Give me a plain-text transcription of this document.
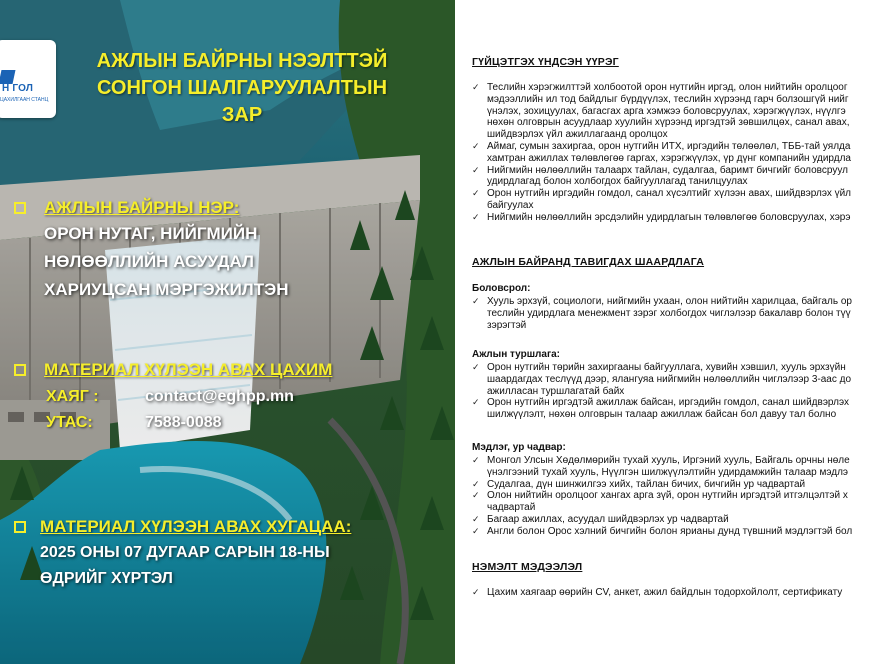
Н ГОЛ
ЦАХИЛГААН СТАНЦ
АЖЛЫН БАЙРНЫ НЭЭЛТТЭЙ
СОНГОН ШАЛГАРУУЛАЛТЫН
ЗАР
АЖЛЫН БАЙРНЫ НЭР:
ОРОН НУТАГ, НИЙГМИЙН
НӨЛӨӨЛЛИЙН АСУУДАЛ
ХАРИУЦСАН МЭРГЭЖИЛТЭН
МАТЕРИАЛ ХҮЛЭЭН АВАХ ЦАХИМ
ХАЯГ :	contact@eghpp.mn
УТАС:	7588-0088
МАТЕРИАЛ ХҮЛЭЭН АВАХ ХУГАЦАА:
2025 ОНЫ 07 ДУГААР САРЫН 18-НЫ
ӨДРИЙГ ХҮРТЭЛ
ГҮЙЦЭТГЭХ ҮНДСЭН ҮҮРЭГ
✓ Теслийн хэрэгжилттэй холбоотой орон нутгийн иргэд, олон нийтийн оролцоог
мэдээллийн ил тод байдлыг бүрдүүлэх, теслийн хүрээнд гарч болзошгүй нийг
үнэлэх, зохицуулах, багасгах арга хэмжээ боловсруулах, хэрэгжүүлэх, нүүлгэ
нөхөн олговрын асуудлаар хуулийн хүрээнд иргэдтэй зөвшилцөх, санал авах,
шийдвэрлэх үйл ажиллагаанд оролцох
✓ Аймаг, сумын захиргаа, орон нутгийн ИТХ, иргэдийн төлөөлөл, ТББ-тай уялда
хамтран ажиллах төлөвлөгөө гаргах, хэрэгжүүлэх, үр дүнг компанийн удирдла
✓ Нийгмийн нөлөөллийн талаарх тайлан, судалгаа, баримт бичгийг боловсруул
удирдлагад болон холбогдох байгууллагад танилцуулах
✓ Орон нутгийн иргэдийн гомдол, санал хүсэлтийг хүлээн авах, шийдвэрлэх үйл
байгуулах
✓ Нийгмийн нөлөөллийн эрсдэлийн удирдлагын төлөвлөгөө боловсруулах, хэрэ
АЖЛЫН БАЙРАНД ТАВИГДАХ ШААРДЛАГА
Боловсрол:
✓ Хууль эрхзүй, социологи, нийгмийн ухаан, олон нийтийн харилцаа, байгаль ор
теслийн удирдлага менежмент зэрэг холбогдох чиглэлээр бакалавр болон түү
зэрэгтэй
Ажлын туршлага:
✓ Орон нутгийн төрийн захиргааны байгууллага, хувийн хэвшил, хууль эрхзүйн
шаардагдах теслүүд дээр, ялангуяа нийгмийн нөлөөллийн чиглэлээр 3-аас до
ажилласан туршлагатай байх
✓ Орон нутгийн иргэдтэй ажиллаж байсан, иргэдийн гомдол, санал шийдвэрлэх
шилжүүлэлт, нөхөн олговрын талаар ажиллаж байсан бол давуу тал болно
Мэдлэг, ур чадвар:
✓ Монгол Улсын Хөдөлмөрийн тухай хууль, Иргэний хууль, Байгаль орчны нөле
үнэлгээний тухай хууль, Нүүлгэн шилжүүлэлтийн удирдамжийн талаар мэдлэ
✓ Судалгаа, дүн шинжилгээ хийх, тайлан бичих, бичгийн ур чадвартай
✓ Олон нийтийн оролцоог хангах арга зүй, орон нутгийн иргэдтэй итгэлцэлтэй х
чадвартай
✓ Багаар ажиллах, асуудал шийдвэрлэх ур чадвартай
✓ Англи болон Орос хэлний бичгийн болон ярианы дунд түвшний мэдлэгтэй бол
НЭМЭЛТ МЭДЭЭЛЭЛ
✓ Цахим хаягаар өөрийн CV, анкет, ажил байдлын тодорхойлолт, сертификату
